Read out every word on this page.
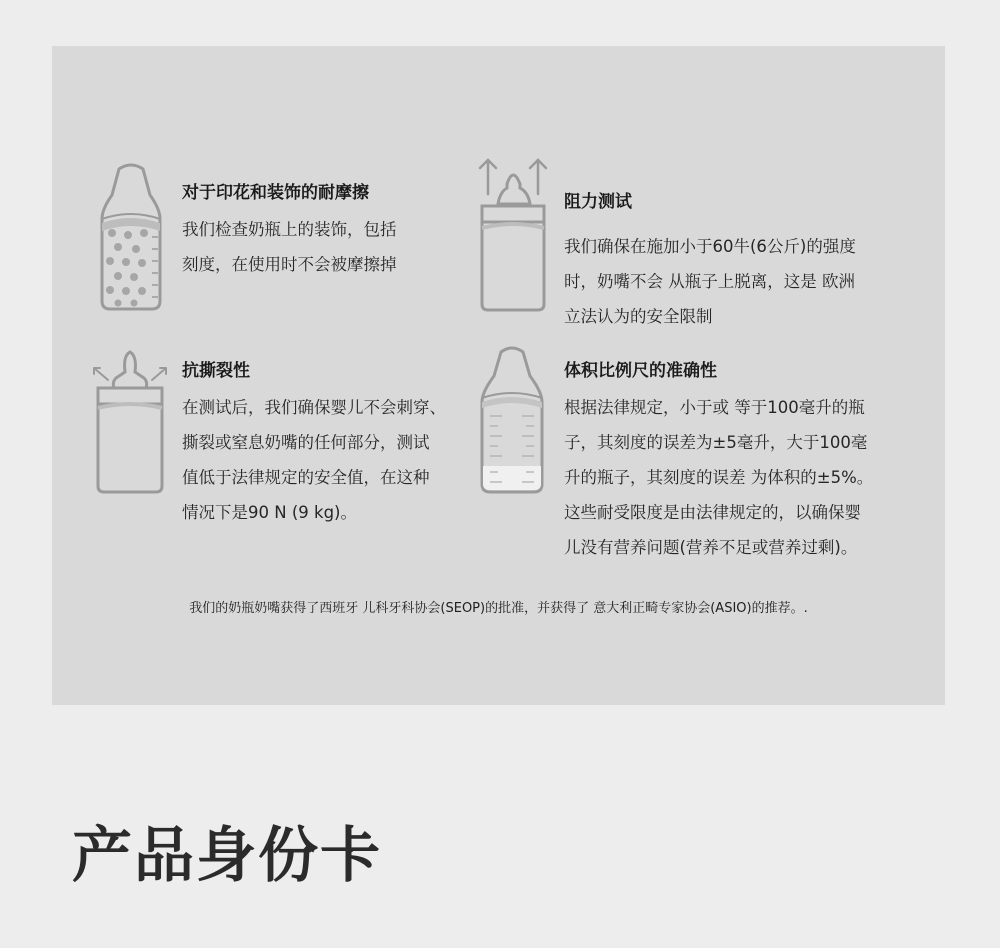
对于印花和装饰的耐摩擦
我们检查奶瓶上的装饰，包括
刻度，在使用时不会被摩擦掉
阻力测试
我们确保在施加小于60牛(6公斤)的强度
时，奶嘴不会 从瓶子上脱离，这是 欧洲
立法认为的安全限制
抗撕裂性
在测试后，我们确保婴儿不会刺穿、
撕裂或窒息奶嘴的任何部分，测试
值低于法律规定的安全值，在这种
情况下是90 N (9 kg)。
体积比例尺的准确性
根据法律规定，小于或 等于100毫升的瓶
子，其刻度的误差为±5毫升，大于100毫
升的瓶子，其刻度的误差 为体积的±5%。
这些耐受限度是由法律规定的，以确保婴
儿没有营养问题(营养不足或营养过剩)。
我们的奶瓶奶嘴获得了西班牙 儿科牙科协会(SEOP)的批准，并获得了 意大利正畸专家协会(ASIO)的推荐。.
产品身份卡
